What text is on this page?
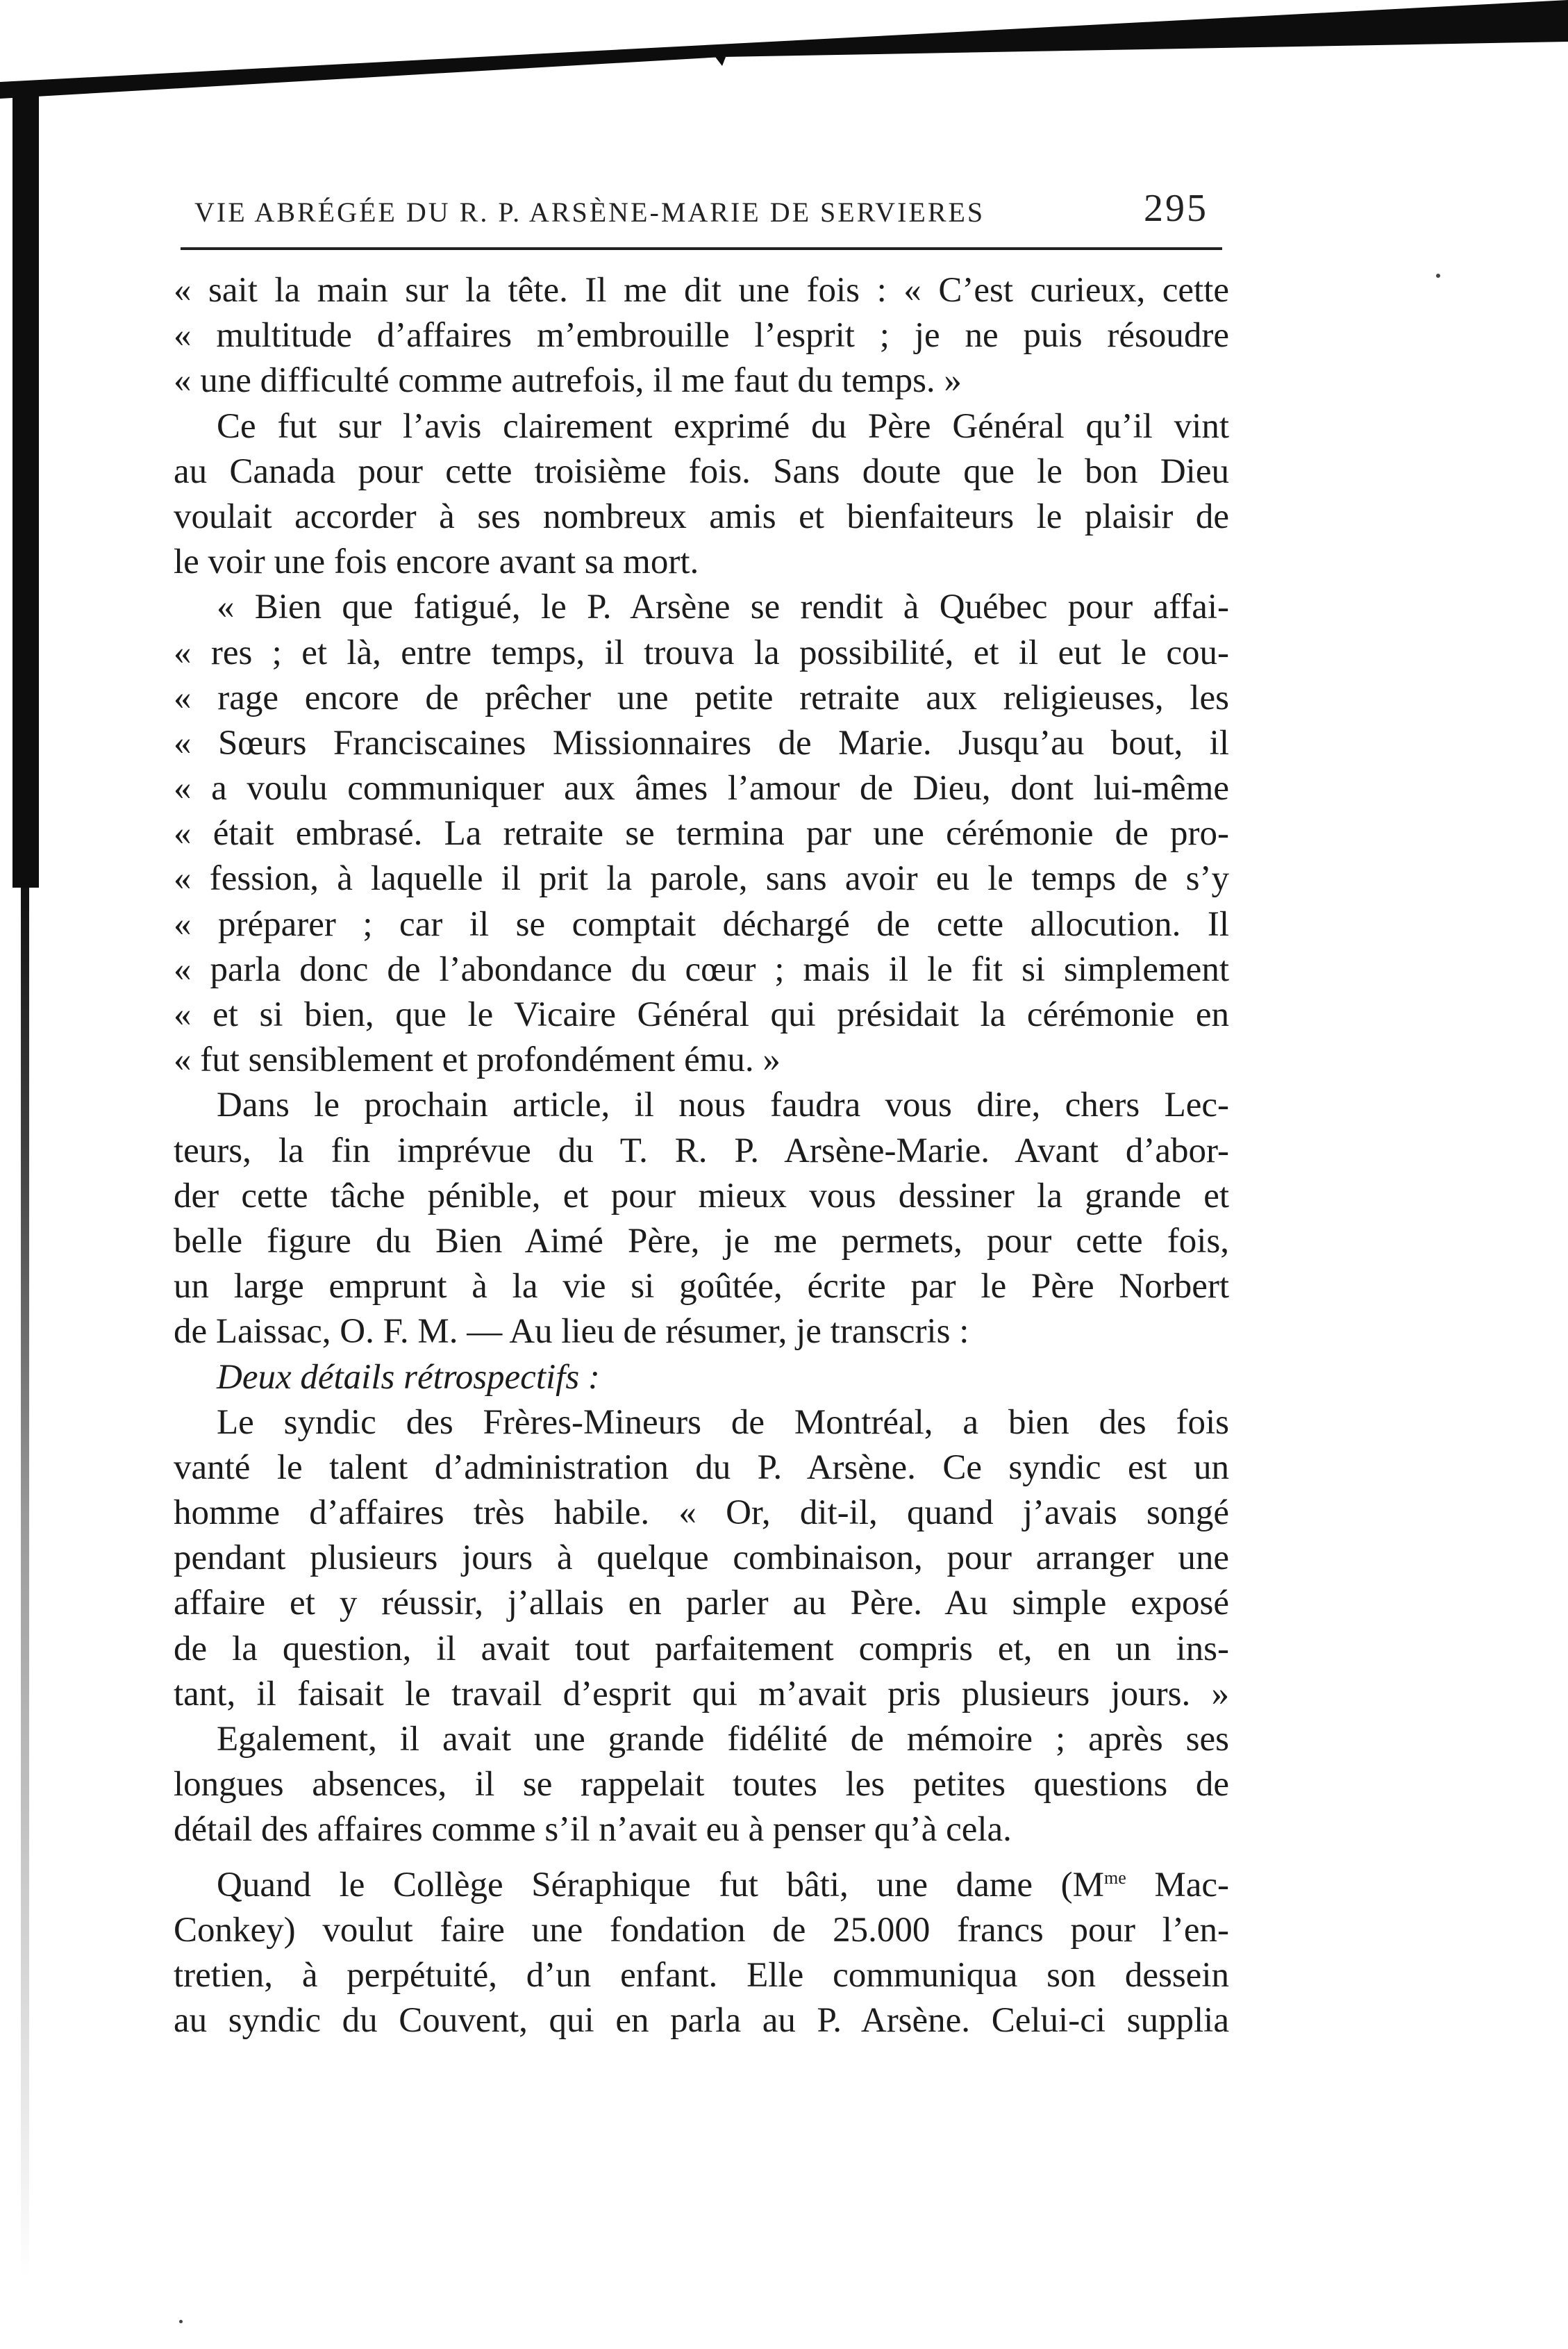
VIE ABRÉGÉE DU R. P. ARSÈNE-MARIE DE SERVIERES	295
« sait la main sur la tête. Il me dit une fois : « C’est curieux, cette
« multitude d’affaires m’embrouille l’esprit ; je ne puis résoudre
« une difficulté comme autrefois, il me faut du temps. »
Ce fut sur l’avis clairement exprimé du Père Général qu’il vint
au Canada pour cette troisième fois. Sans doute que le bon Dieu
voulait accorder à ses nombreux amis et bienfaiteurs le plaisir de
le voir une fois encore avant sa mort.
« Bien que fatigué, le P. Arsène se rendit à Québec pour affai-
« res ; et là, entre temps, il trouva la possibilité, et il eut le cou-
« rage encore de prêcher une petite retraite aux religieuses, les
« Sœurs Franciscaines Missionnaires de Marie. Jusqu’au bout, il
« a voulu communiquer aux âmes l’amour de Dieu, dont lui-même
« était embrasé. La retraite se termina par une cérémonie de pro-
« fession, à laquelle il prit la parole, sans avoir eu le temps de s’y
« préparer ; car il se comptait déchargé de cette allocution. Il
« parla donc de l’abondance du cœur ; mais il le fit si simplement
« et si bien, que le Vicaire Général qui présidait la cérémonie en
« fut sensiblement et profondément ému. »
Dans le prochain article, il nous faudra vous dire, chers Lec-
teurs, la fin imprévue du T. R. P. Arsène-Marie. Avant d’abor-
der cette tâche pénible, et pour mieux vous dessiner la grande et
belle figure du Bien Aimé Père, je me permets, pour cette fois,
un large emprunt à la vie si goûtée, écrite par le Père Norbert
de Laissac, O. F. M. — Au lieu de résumer, je transcris :
Deux détails rétrospectifs :
Le syndic des Frères-Mineurs de Montréal, a bien des fois
vanté le talent d’administration du P. Arsène. Ce syndic est un
homme d’affaires très habile. « Or, dit-il, quand j’avais songé
pendant plusieurs jours à quelque combinaison, pour arranger une
affaire et y réussir, j’allais en parler au Père. Au simple exposé
de la question, il avait tout parfaitement compris et, en un ins-
tant, il faisait le travail d’esprit qui m’avait pris plusieurs jours. »
Egalement, il avait une grande fidélité de mémoire ; après ses
longues absences, il se rappelait toutes les petites questions de
détail des affaires comme s’il n’avait eu à penser qu’à cela.
Quand le Collège Séraphique fut bâti, une dame ($M^{me}$ Mac-
Conkey) voulut faire une fondation de 25.000 francs pour l’en-
tretien, à perpétuité, d’un enfant. Elle communiqua son dessein
au syndic du Couvent, qui en parla au P. Arsène. Celui-ci supplia
